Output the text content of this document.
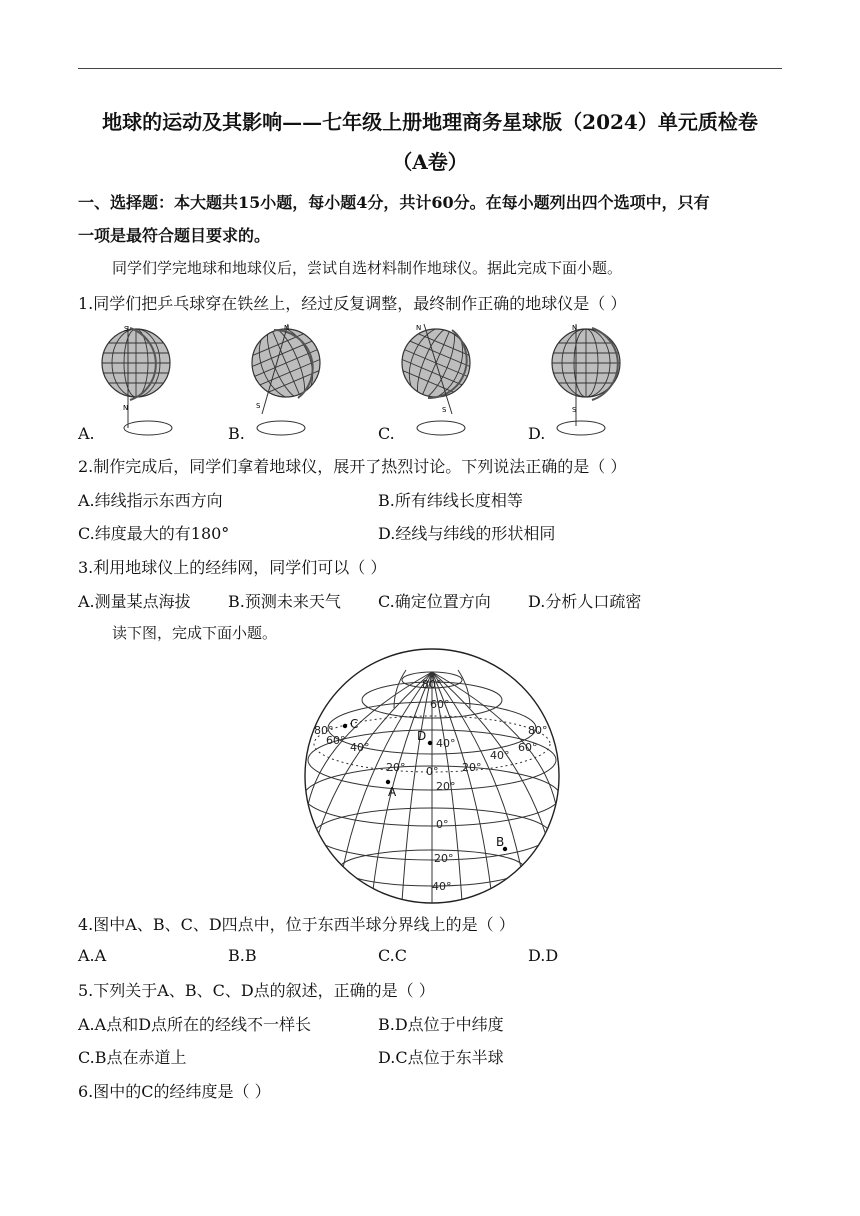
地球的运动及其影响——七年级上册地理商务星球版（2024）单元质检卷
（A卷）
一、选择题：本大题共15小题，每小题4分，共计60分。在每小题列出四个选项中，只有
一项是最符合题目要求的。
同学们学完地球和地球仪后，尝试自选材料制作地球仪。据此完成下面小题。
1.同学们把乒乓球穿在铁丝上，经过反复调整，最终制作正确的地球仪是（ ）
S
N
N
S
N
S
N
S
A.	B.	C.	D.
2.制作完成后，同学们拿着地球仪，展开了热烈讨论。下列说法正确的是（ ）
A.纬线指示东西方向	B.所有纬线长度相等
C.纬度最大的有180°	D.经线与纬线的形状相同
3.利用地球仪上的经纬网，同学们可以（ ）
A.测量某点海拔 B.预测未来天气 C.确定位置方向 D.分析人口疏密
读下图，完成下面小题。
80°
60°
40°
20°
0°
20°
40°
80°
60°
40°
20° 0° 20°
40°
60°
80°
A
B
C
D
4.图中A、B、C、D四点中，位于东西半球分界线上的是（ ）
A.A	B.B	C.C	D.D
5.下列关于A、B、C、D点的叙述，正确的是（ ）
A.A点和D点所在的经线不一样长	B.D点位于中纬度
C.B点在赤道上	D.C点位于东半球
6.图中的C的经纬度是（ ）
